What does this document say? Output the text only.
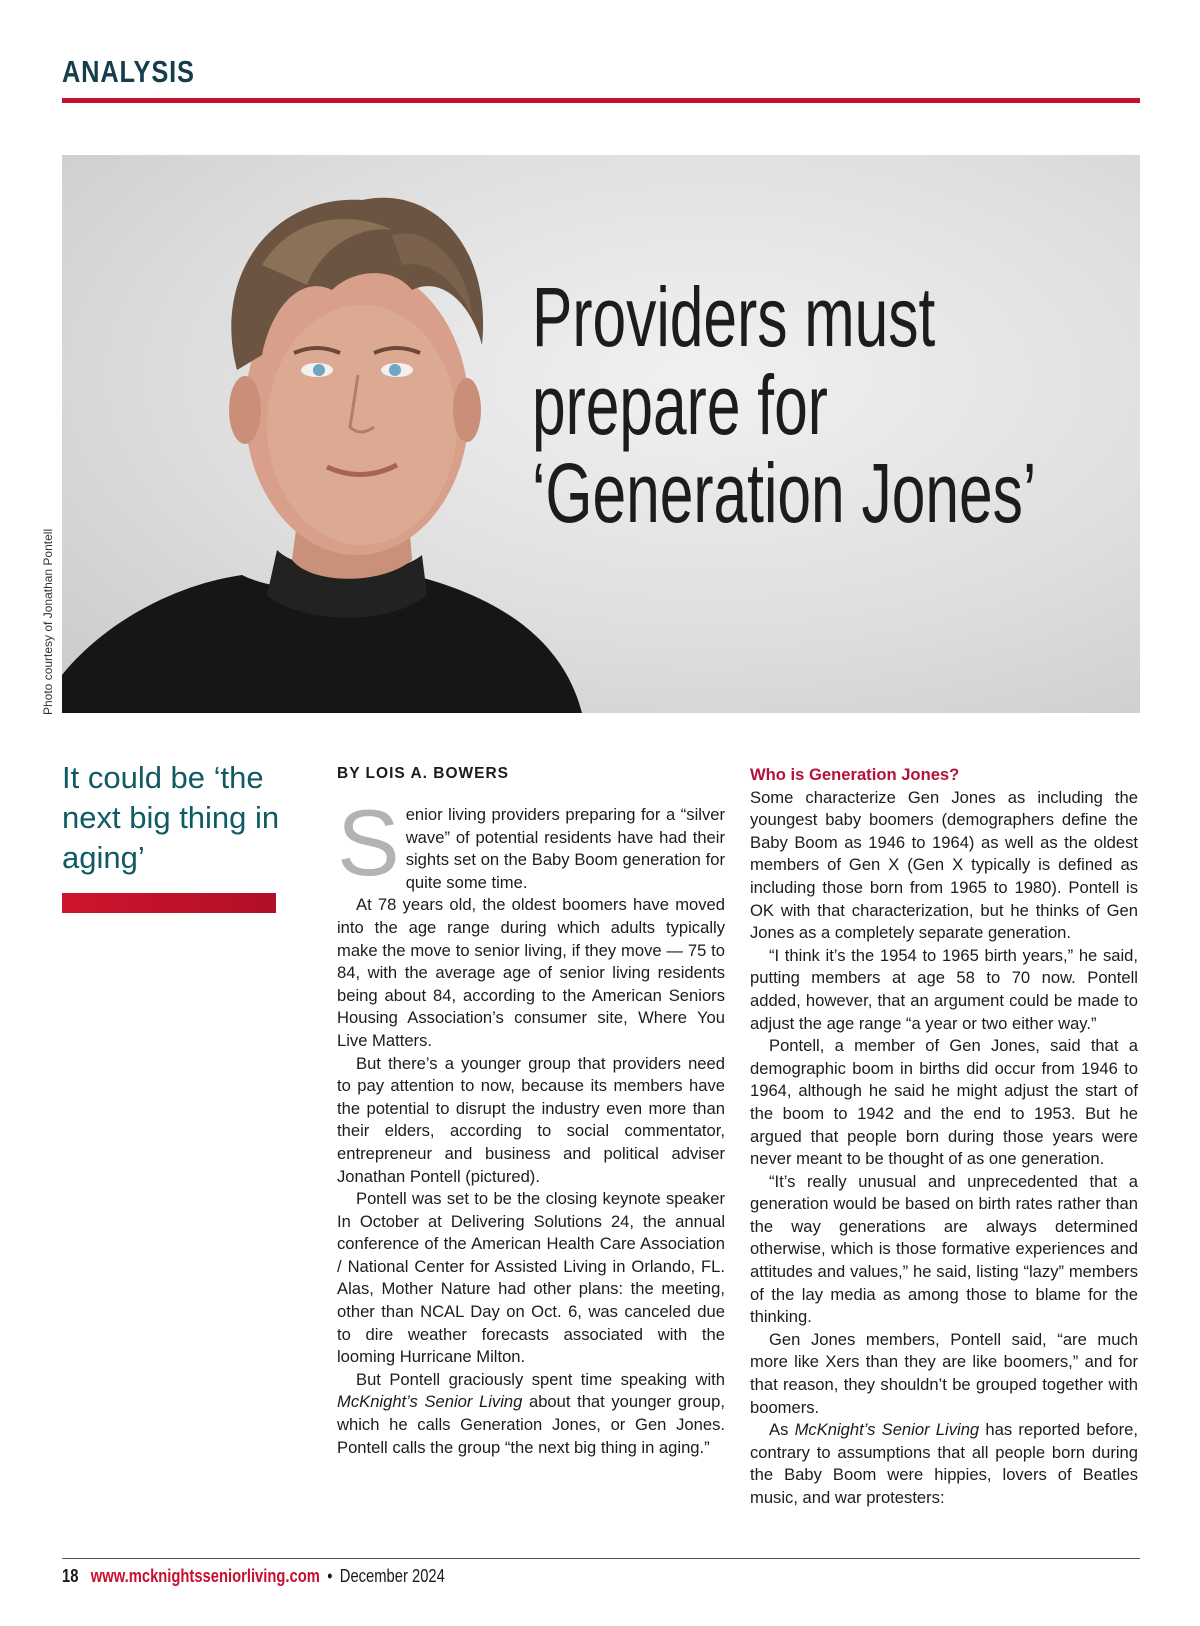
ANALYSIS
Providers must
prepare for
‘Generation Jones’
Photo courtesy of Jonathan Pontell
It could be ‘the next big thing in aging’
BY LOIS A. BOWERS

Senior living providers preparing for a “silver wave” of potential residents have had their sights set on the Baby Boom generation for quite some time.

At 78 years old, the oldest boomers have moved into the age range during which adults typically make the move to senior living, if they move — 75 to 84, with the average age of senior living residents being about 84, according to the American Seniors Housing Association’s consumer site, Where You Live Matters.

But there’s a younger group that providers need to pay attention to now, because its members have the potential to disrupt the industry even more than their elders, according to social commentator, entrepreneur and business and political adviser Jonathan Pontell (pictured).

Pontell was set to be the closing keynote speaker In October at Delivering Solutions 24, the annual conference of the American Health Care Association / National Center for Assisted Living in Orlando, FL. Alas, Mother Nature had other plans: the meeting, other than NCAL Day on Oct. 6, was canceled due to dire weather forecasts associated with the looming Hurricane Milton.

But Pontell graciously spent time speaking with McKnight’s Senior Living about that younger group, which he calls Generation Jones, or Gen Jones. Pontell calls the group “the next big thing in aging.”

Who is Generation Jones?

Some characterize Gen Jones as including the youngest baby boomers (demographers define the Baby Boom as 1946 to 1964) as well as the oldest members of Gen X (Gen X typically is defined as including those born from 1965 to 1980). Pontell is OK with that characterization, but he thinks of Gen Jones as a completely separate generation.

“I think it’s the 1954 to 1965 birth years,” he said, putting members at age 58 to 70 now. Pontell added, however, that an argument could be made to adjust the age range “a year or two either way.”

Pontell, a member of Gen Jones, said that a demographic boom in births did occur from 1946 to 1964, although he said he might adjust the start of the boom to 1942 and the end to 1953. But he argued that people born during those years were never meant to be thought of as one generation.

“It’s really unusual and unprecedented that a generation would be based on birth rates rather than the way generations are always determined otherwise, which is those formative experiences and attitudes and values,” he said, listing “lazy” members of the lay media as among those to blame for the thinking.

Gen Jones members, Pontell said, “are much more like Xers than they are like boomers,” and for that reason, they shouldn’t be grouped together with boomers.

As McKnight’s Senior Living has reported before, contrary to assumptions that all people born during the Baby Boom were hippies, lovers of Beatles music, and war protesters:

18 www.mcknightsseniorliving.com • December 2024
